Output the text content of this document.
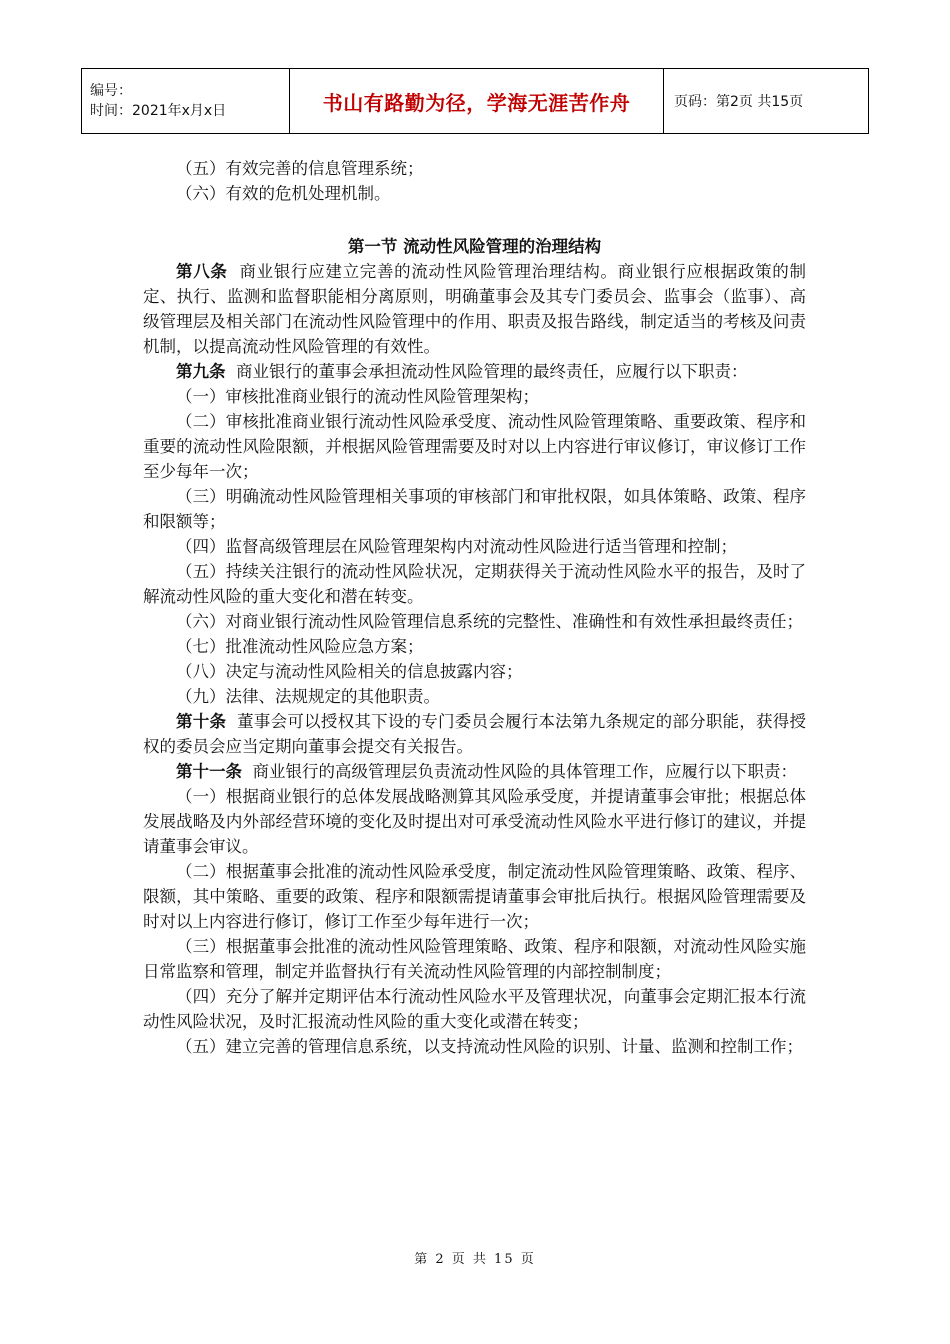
编号：
时间：2021年x月x日	书山有路勤为径，学海无涯苦作舟	页码：第2页 共15页

（五）有效完善的信息管理系统；

（六）有效的危机处理机制。

第一节 流动性风险管理的治理结构

第八条  商业银行应建立完善的流动性风险管理治理结构。商业银行应根据政策的制定、执行、监测和监督职能相分离原则，明确董事会及其专门委员会、监事会（监事）、高级管理层及相关部门在流动性风险管理中的作用、职责及报告路线，制定适当的考核及问责机制，以提高流动性风险管理的有效性。

第九条  商业银行的董事会承担流动性风险管理的最终责任，应履行以下职责：

（一）审核批准商业银行的流动性风险管理架构；

（二）审核批准商业银行流动性风险承受度、流动性风险管理策略、重要政策、程序和重要的流动性风险限额，并根据风险管理需要及时对以上内容进行审议修订，审议修订工作至少每年一次；

（三）明确流动性风险管理相关事项的审核部门和审批权限，如具体策略、政策、程序和限额等；

（四）监督高级管理层在风险管理架构内对流动性风险进行适当管理和控制；

（五）持续关注银行的流动性风险状况，定期获得关于流动性风险水平的报告，及时了解流动性风险的重大变化和潜在转变。

（六）对商业银行流动性风险管理信息系统的完整性、准确性和有效性承担最终责任；

（七）批准流动性风险应急方案；

（八）决定与流动性风险相关的信息披露内容；

（九）法律、法规规定的其他职责。

第十条  董事会可以授权其下设的专门委员会履行本法第九条规定的部分职能，获得授权的委员会应当定期向董事会提交有关报告。

第十一条  商业银行的高级管理层负责流动性风险的具体管理工作，应履行以下职责：

（一）根据商业银行的总体发展战略测算其风险承受度，并提请董事会审批；根据总体发展战略及内外部经营环境的变化及时提出对可承受流动性风险水平进行修订的建议，并提请董事会审议。

（二）根据董事会批准的流动性风险承受度，制定流动性风险管理策略、政策、程序、限额，其中策略、重要的政策、程序和限额需提请董事会审批后执行。根据风险管理需要及时对以上内容进行修订，修订工作至少每年进行一次；

（三）根据董事会批准的流动性风险管理策略、政策、程序和限额，对流动性风险实施日常监察和管理，制定并监督执行有关流动性风险管理的内部控制制度；

（四）充分了解并定期评估本行流动性风险水平及管理状况，向董事会定期汇报本行流动性风险状况，及时汇报流动性风险的重大变化或潜在转变；

（五）建立完善的管理信息系统，以支持流动性风险的识别、计量、监测和控制工作；

第 2 页 共 15 页
